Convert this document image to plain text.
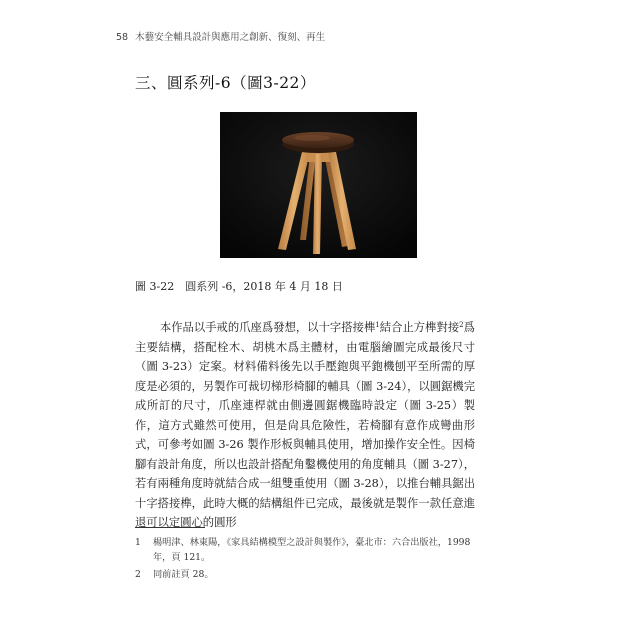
58 木藝安全輔具設計與應用之創新、復刻、再生
三、圓系列-6（圖3-22）
圖 3-22　圓系列 -6，2018 年 4 月 18 日

本作品以手戒的爪座爲發想，以十字搭接榫$^1$結合止方榫對接$^2$爲主要結構，搭配栓木、胡桃木爲主體材，由電腦繪圖完成最後尺寸（圖 3-23）定案。材料備料後先以手壓鉋與平鉋機刨平至所需的厚度是必須的，另製作可裁切梯形椅腳的輔具（圖 3-24），以圓鋸機完成所訂的尺寸，爪座連桿就由側邊圓鋸機臨時設定（圖 3-25）製作，這方式雖然可使用，但是尙具危險性，若椅腳有意作成彎曲形式，可參考如圖 3-26 製作形板與輔具使用，增加操作安全性。因椅腳有設計角度，所以也設計搭配角鑿機使用的角度輔具（圖 3-27），若有兩種角度時就結合成一組雙重使用（圖 3-28），以推台輔具鋸出十字搭接榫，此時大概的結構組件已完成，最後就是製作一款任意進退可以定圓心的圓形

1 楊明津、林東陽，《家具結構模型之設計與製作》，臺北市：六合出版社，1998
年，頁 121。
2 同前註頁 28。
